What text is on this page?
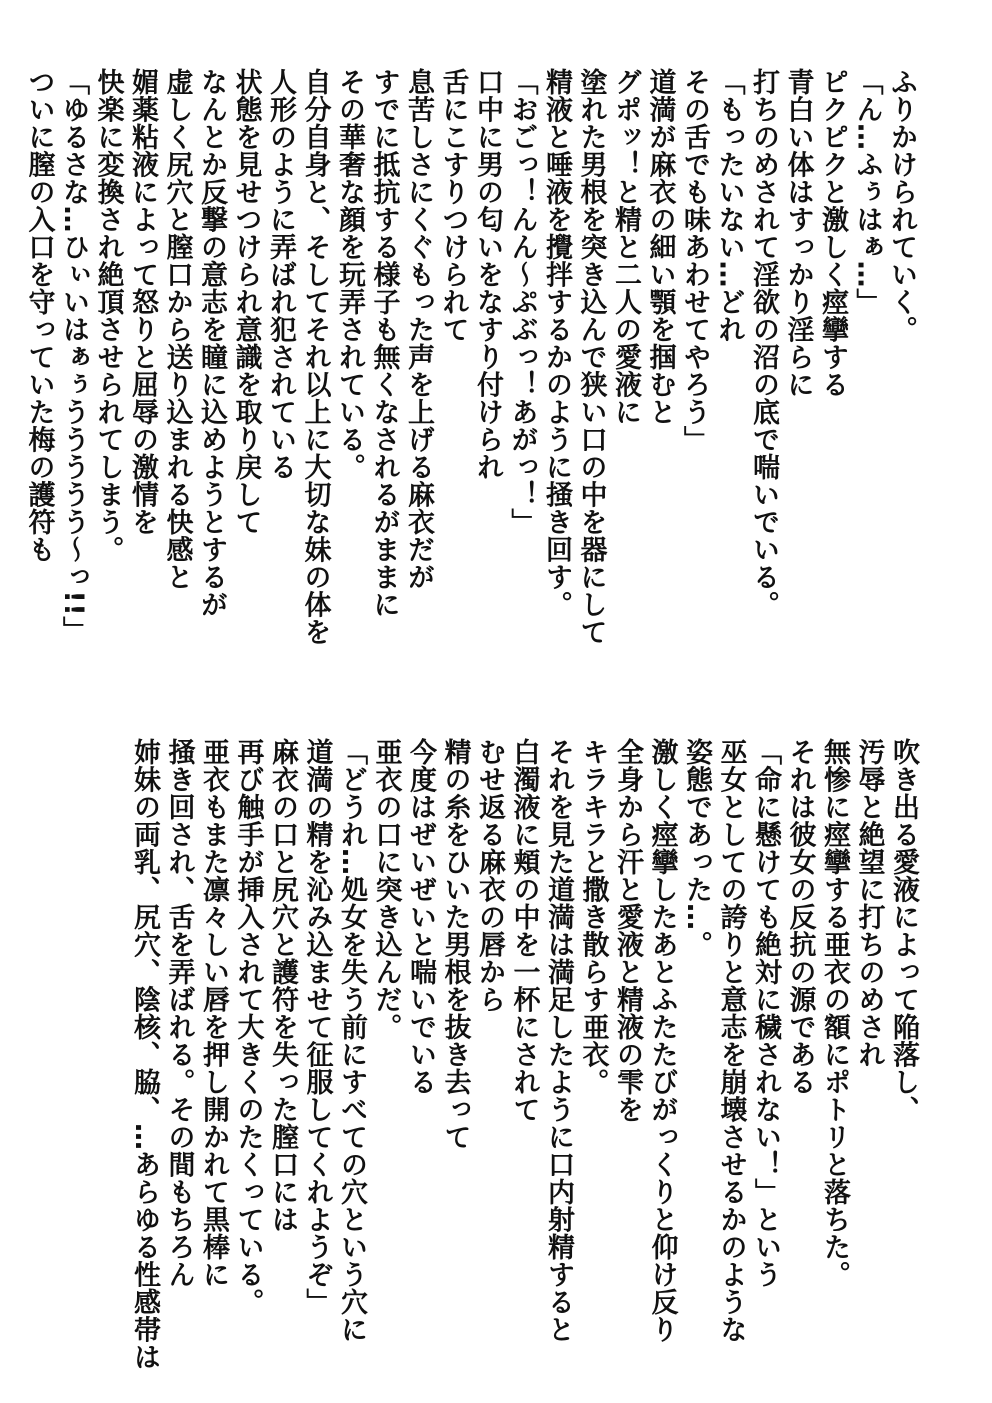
ふりかけられていく。
「ん…ふぅはぁ…」
ピクピクと激しく痙攣する
青白い体はすっかり淫らに
打ちのめされて淫欲の沼の底で喘いでいる。
「もったいない…どれ
その舌でも味あわせてやろう」
道満が麻衣の細い顎を掴むと
グポッ！と精と二人の愛液に
塗れた男根を突き込んで狭い口の中を器にして
精液と唾液を攪拌するかのように掻き回す。
「おごっ！んん〜ぷぶっ！あがっ！」
口中に男の匂いをなすり付けられ
舌にこすりつけられて
息苦しさにくぐもった声を上げる麻衣だが
すでに抵抗する様子も無くなされるがままに
その華奢な顔を玩弄されている。
自分自身と、そしてそれ以上に大切な妹の体を
人形のように弄ばれ犯されている
状態を見せつけられ意識を取り戻して
なんとか反撃の意志を瞳に込めようとするが
虚しく尻穴と膣口から送り込まれる快感と
媚薬粘液によって怒りと屈辱の激情を
快楽に変換され絶頂させられてしまう。
「ゆるさな…ひぃいはぁぅううううう〜っ!!」
ついに膣の入口を守っていた梅の護符も
吹き出る愛液によって陥落し、
汚辱と絶望に打ちのめされ
無惨に痙攣する亜衣の額にポトリと落ちた。
それは彼女の反抗の源である
「命に懸けても絶対に穢されない！」という
巫女としての誇りと意志を崩壊させるかのような
姿態であった…。
激しく痙攣したあとふたたびがっくりと仰け反り
全身から汗と愛液と精液の雫を
キラキラと撒き散らす亜衣。
それを見た道満は満足したように口内射精すると
白濁液に頬の中を一杯にされて
むせ返る麻衣の唇から
精の糸をひいた男根を抜き去って
今度はぜいぜいと喘いでいる
亜衣の口に突き込んだ。
「どうれ…処女を失う前にすべての穴という穴に
道満の精を沁み込ませて征服してくれようぞ」
麻衣の口と尻穴と護符を失った膣口には
再び触手が挿入されて大きくのたくっている。
亜衣もまた凛々しい唇を押し開かれて黒棒に
掻き回され、舌を弄ばれる。その間もちろん
姉妹の両乳、尻穴、陰核、脇、…あらゆる性感帯は
